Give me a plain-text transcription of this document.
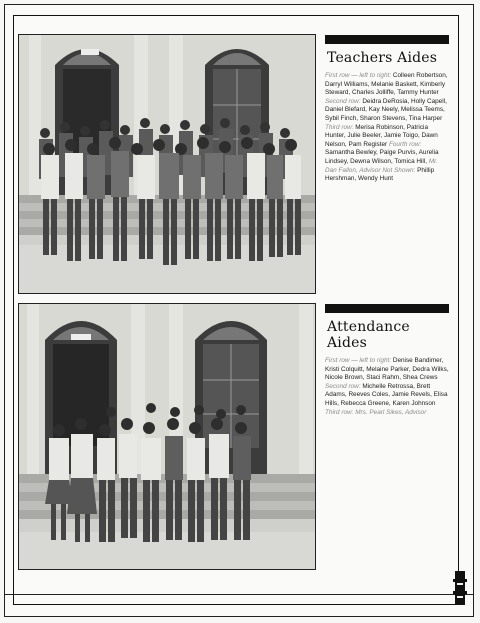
Teachers Aides
First row — left to right: Colleen Robertson, Darryl Williams, Melanie Baskett, Kimberly Steward, Charles Jolliffe, Tammy Hunter Second row: Deidra DeRosia, Holly Capell, Daniel Blefard, Kay Neely, Melissa Teems, Sybil Finch, Sharon Stevens, Tina Harper Third row: Merisa Robinson, Patricia Hunter, Julie Beeler, Jamie Toigo, Dawn Nelson, Pam Register Fourth row: Samantha Bewley, Paige Purvis, Aurelia Lindsey, Dewna Wilson, Tomica Hill, Mr. Dan Fallon, Advisor Not Shown: Phillip Hershman, Wendy Hunt
Attendance Aides
First row — left to right: Denise Bandimer, Kristi Colquitt, Melaine Parker, Dedra Wilks, Nicole Brown, Staci Rahm, Shea Crews Second row: Michelle Retrossa, Brett Adams, Reeves Coles, Jamie Revels, Elisa Hills, Rebecca Greene, Karen Johnson Third row: Mrs. Pearl Sikes, Advisor
